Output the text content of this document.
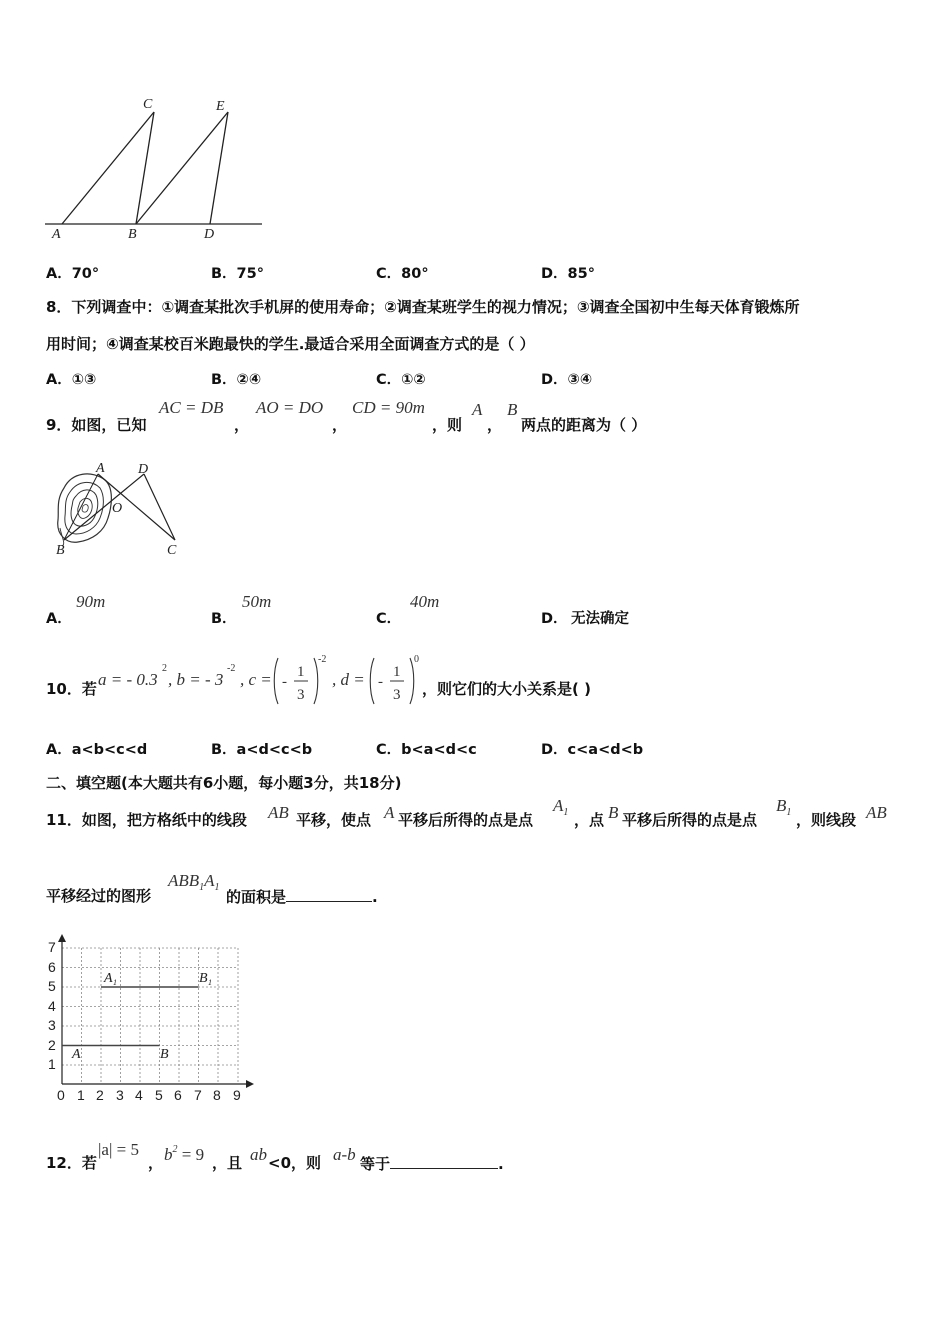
C	E
A	B	D
A．70°	B．75°	C．80°	D．85°
8．下列调查中：①调查某批次手机屏的使用寿命；②调查某班学生的视力情况；③调查全国初中生每天体育锻炼所
用时间；④调查某校百米跑最快的学生.最适合采用全面调查方式的是（ ）
A．①③	B．②④	C．①②	D．③④
9．如图，已知
AC = DB
，
AO = DO
，
CD = 90m
，则
A
，
B
两点的距离为（ ）
A D
O
B	C
A．
90m
B．
50m
C．
40m
D． 无法确定
10．若 a = - 0.3
2
, b = - 3
-2
, c = -
1
3
-2
, d = -
1
3
0
，则它们的大小关系是( )
A．a<b<c<d	B．a<d<c<b	C．b<a<d<c	D．c<a<d<b
二、填空题(本大题共有6小题，每小题3分，共18分)
11．如图，把方格纸中的线段 AB 平移，使点 A 平移后所得的点是点
$A_1$ ，点 B 平移后所得的点是点
$B_1$ ，则线段 AB
平移经过的图形
$ABB_1A_1$
的面积是	.
1
2
3
4
5
6
7
0 1 2 3 4 5 6 7 8 9
A	B
A 1	B 1
12．若
|a| = 5
， $b^2 = 9$ ，且 ab <0，则 a-b 等于	.
